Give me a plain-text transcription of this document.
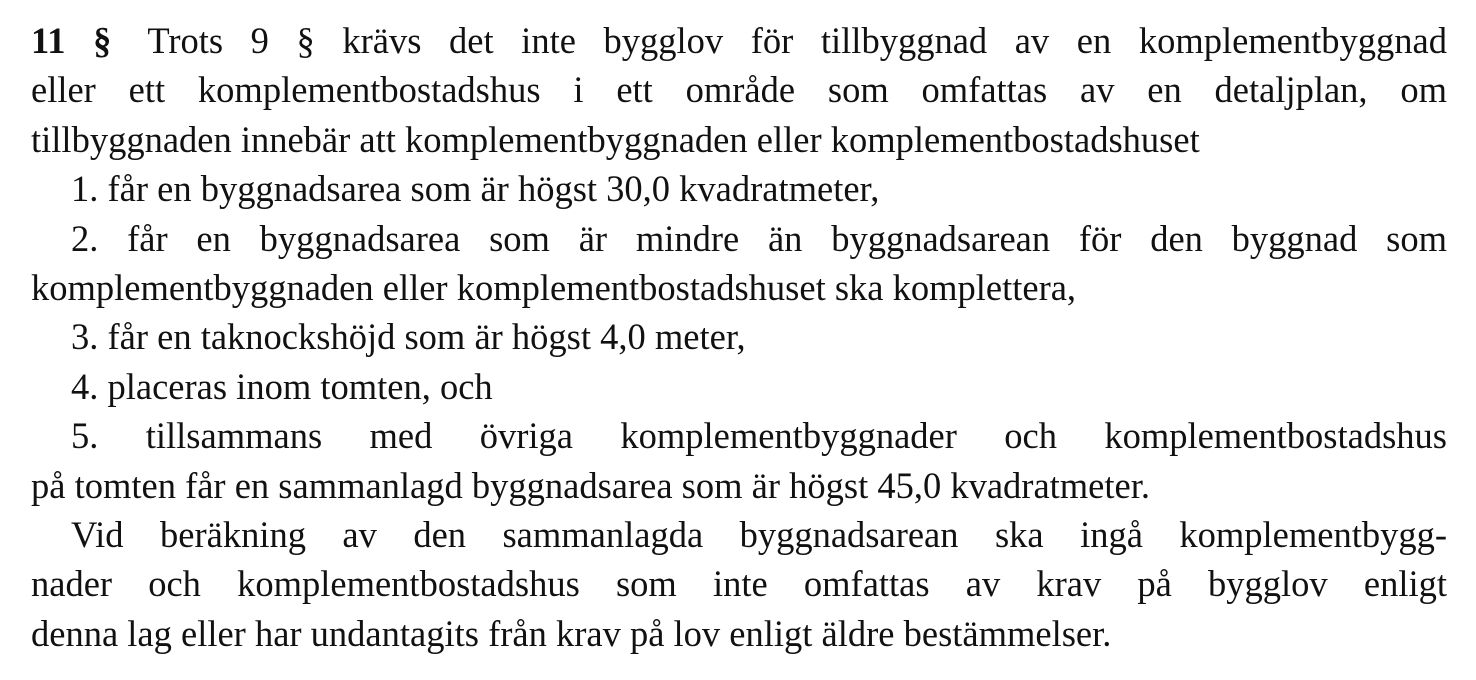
11 § Trots 9 § krävs det inte bygglov för tillbyggnad av en komplementbyggnad
eller ett komplementbostadshus i ett område som omfattas av en detaljplan, om
tillbyggnaden innebär att komplementbyggnaden eller komplementbostadshuset
1. får en byggnadsarea som är högst 30,0 kvadratmeter,
2. får en byggnadsarea som är mindre än byggnadsarean för den byggnad som
komplementbyggnaden eller komplementbostadshuset ska komplettera,
3. får en taknockshöjd som är högst 4,0 meter,
4. placeras inom tomten, och
5. tillsammans med övriga komplementbyggnader och komplementbostadshus
på tomten får en sammanlagd byggnadsarea som är högst 45,0 kvadratmeter.
Vid beräkning av den sammanlagda byggnadsarean ska ingå komplementbygg-
nader och komplementbostadshus som inte omfattas av krav på bygglov enligt
denna lag eller har undantagits från krav på lov enligt äldre bestämmelser.
